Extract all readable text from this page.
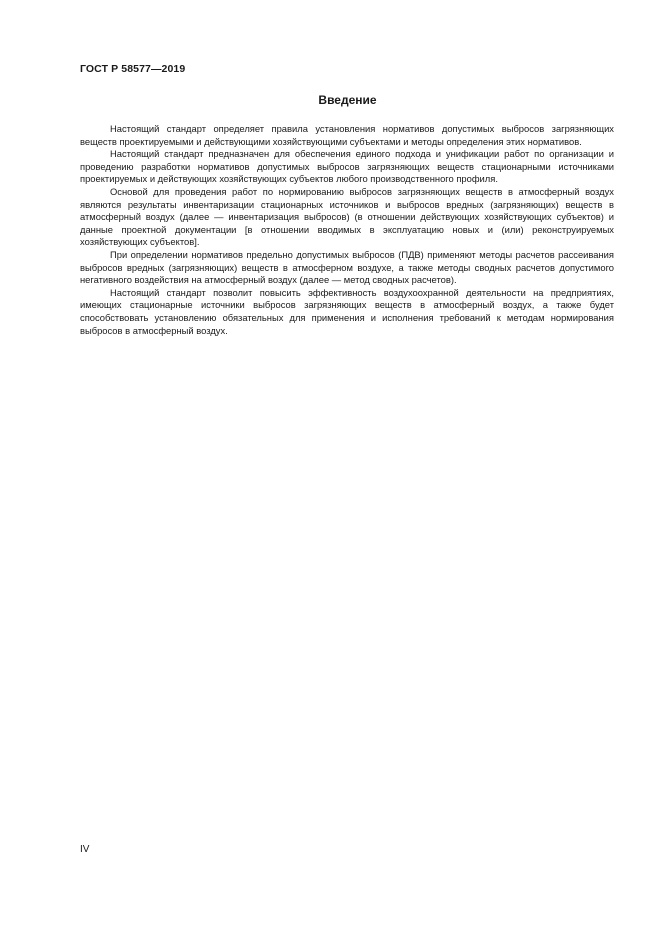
ГОСТ Р 58577—2019
Введение

Настоящий стандарт определяет правила установления нормативов допустимых выбросов загрязняющих веществ проектируемыми и действующими хозяйствующими субъектами и методы определения этих нормативов.

Настоящий стандарт предназначен для обеспечения единого подхода и унификации работ по организации и проведению разработки нормативов допустимых выбросов загрязняющих веществ стационарными источниками проектируемых и действующих хозяйствующих субъектов любого производственного профиля.

Основой для проведения работ по нормированию выбросов загрязняющих веществ в атмосферный воздух являются результаты инвентаризации стационарных источников и выбросов вредных (загрязняющих) веществ в атмосферный воздух (далее — инвентаризация выбросов) (в отношении действующих хозяйствующих субъектов) и данные проектной документации [в отношении вводимых в эксплуатацию новых и (или) реконструируемых хозяйствующих субъектов].

При определении нормативов предельно допустимых выбросов (ПДВ) применяют методы расчетов рассеивания выбросов вредных (загрязняющих) веществ в атмосферном воздухе, а также методы сводных расчетов допустимого негативного воздействия на атмосферный воздух (далее — метод сводных расчетов).

Настоящий стандарт позволит повысить эффективность воздухоохранной деятельности на предприятиях, имеющих стационарные источники выбросов загрязняющих веществ в атмосферный воздух, а также будет способствовать установлению обязательных для применения и исполнения требований к методам нормирования выбросов в атмосферный воздух.

IV
